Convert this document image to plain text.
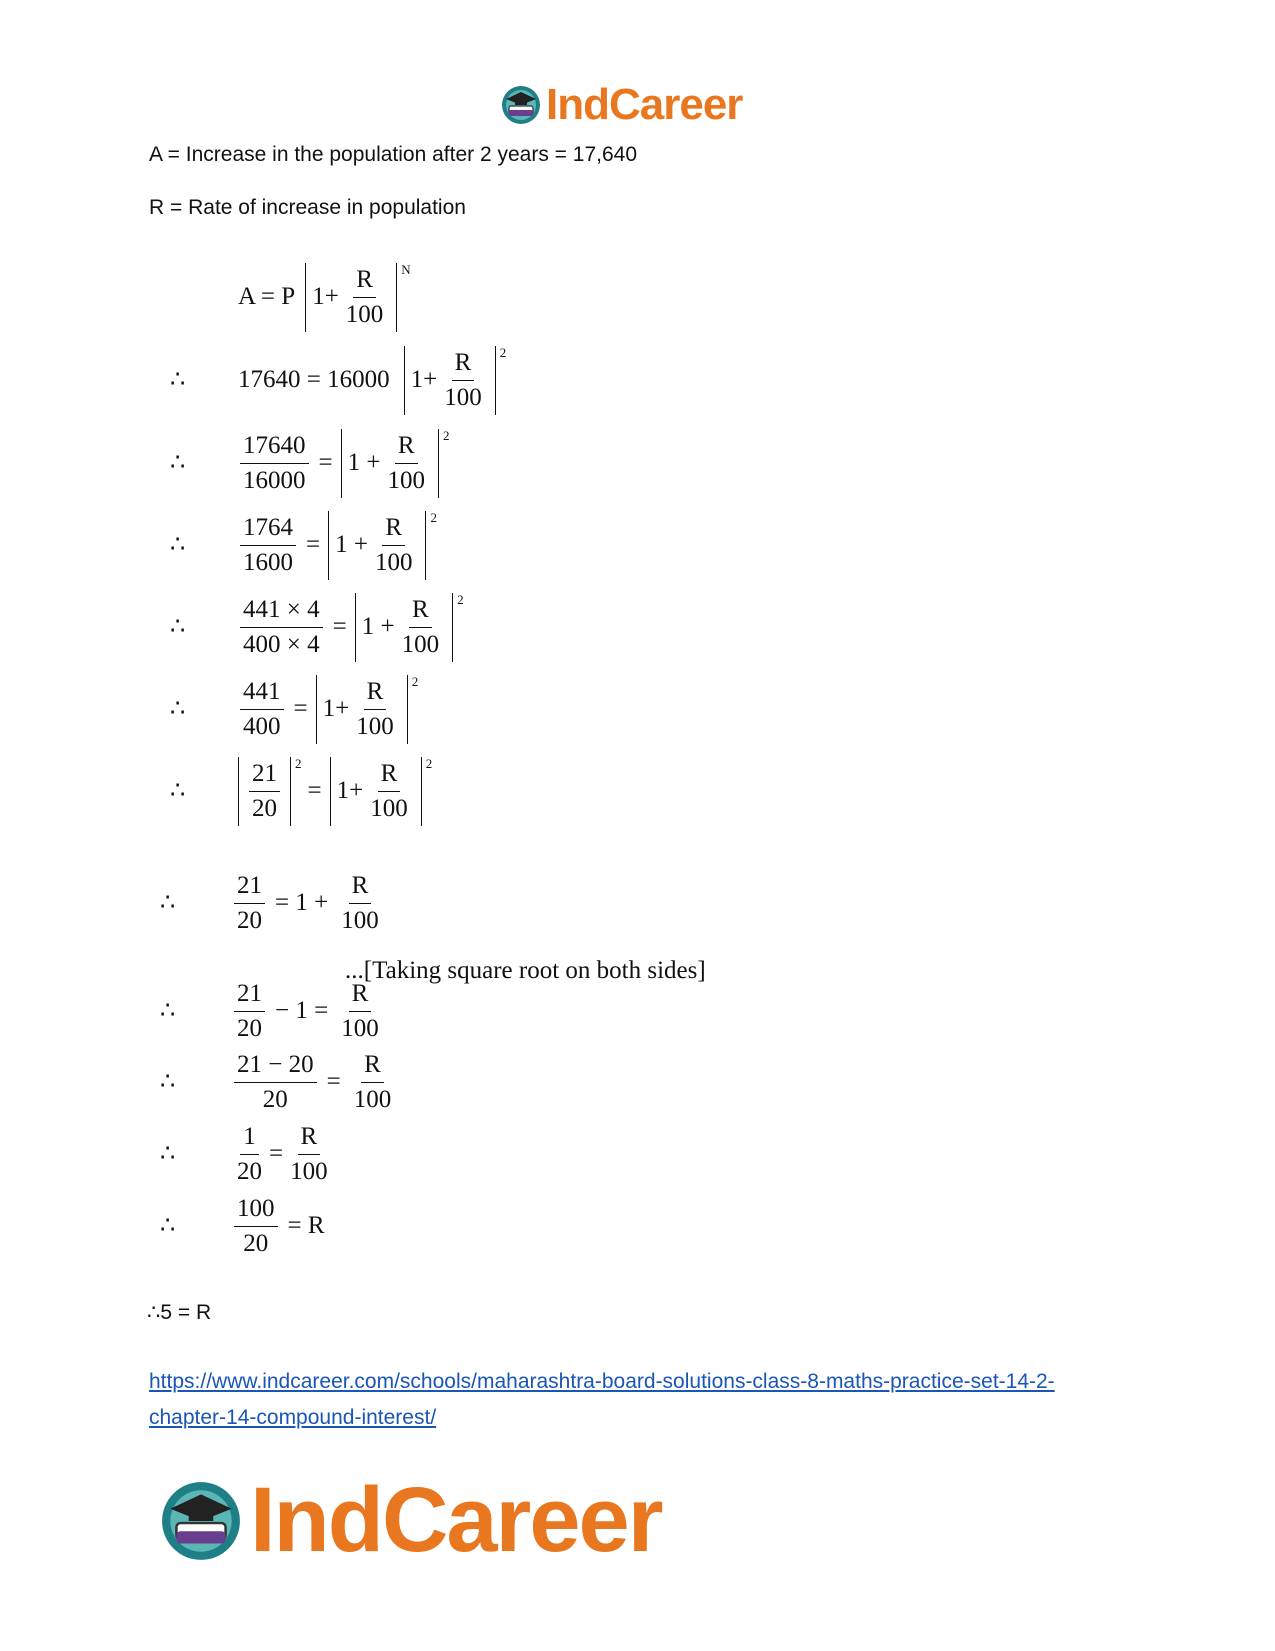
IndCareer
A = Increase in the population after 2 years = 17,640
R = Rate of increase in population
A = P $1+ \frac{R}{100}$ N
∴ 17640 = 16000 $1+ \frac{R}{100} 2$
∴ $\frac{17640}{16000} = 1 + \frac{R}{100} 2$
∴ $\frac{1764}{1600} = 1 + \frac{R}{100} 2$
∴ $\frac{441 \times 4}{400 \times 4} = 1 + \frac{R}{100} 2$
∴ $\frac{441}{400} = 1+ \frac{R}{100} 2$
∴	$\frac{21}{20} 2$
= $1+ \frac{R}{100} 2$
∴ $\frac{21}{20} = 1 + \frac{R}{100}$
...[Taking square root on both sides]
∴ $\frac{21}{20} - 1 = \frac{R}{100}$
∴ $\frac{21 - 20}{20} = \frac{R}{100}$
∴ $\frac{1}{20} = \frac{R}{100}$
∴ $\frac{100}{20} = R$
∴5 = R
https://www.indcareer.com/schools/maharashtra-board-solutions-class-8-maths-practice-set-14-2-chapter-14-compound-interest/
IndCareer
